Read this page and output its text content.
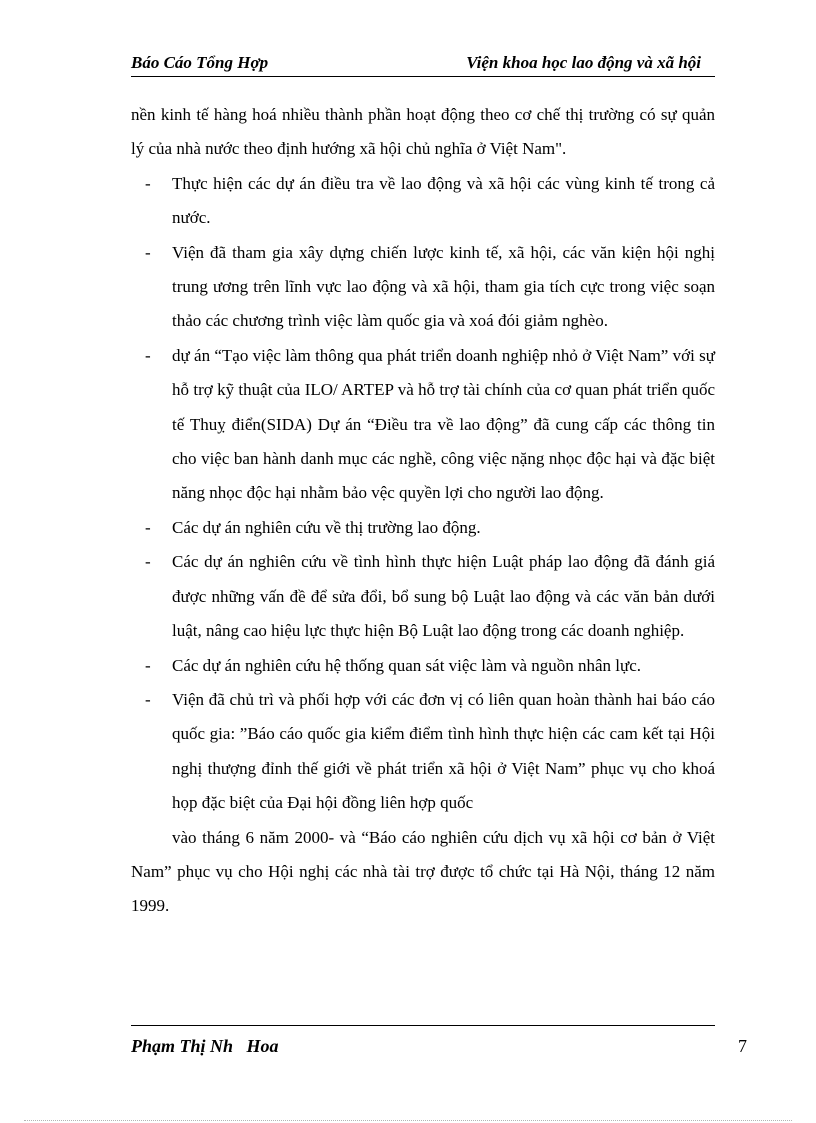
Báo Cáo Tổng Hợp	Viện khoa học lao động và xã hội

nền kinh tế hàng hoá nhiều thành phần hoạt động theo cơ chế thị trường có sự quản lý của nhà nước theo định hướng xã hội chủ nghĩa ở Việt Nam".

- Thực hiện các dự án điều tra về lao động và xã hội các vùng kinh tế trong cả nước.
- Viện đã tham gia xây dựng chiến lược kinh tế, xã hội, các văn kiện hội nghị trung ương trên lĩnh vực lao động và xã hội, tham gia tích cực trong việc soạn thảo các chương trình việc làm quốc gia và xoá đói giảm nghèo.
- dự án “Tạo việc làm thông qua phát triển doanh nghiệp nhỏ ở Việt Nam” với sự hỗ trợ kỹ thuật của ILO/ ARTEP và hỗ trợ tài chính của cơ quan phát triển quốc tế Thuỵ điển(SIDA) Dự án “Điều tra về lao động” đã cung cấp các thông tin cho việc ban hành danh mục các nghề, công việc nặng nhọc độc hại và đặc biệt năng nhọc độc hại nhằm bảo vệc quyền lợi cho người lao động.
- Các dự án nghiên cứu về thị trường lao động.
- Các dự án nghiên cứu về tình hình thực hiện Luật pháp lao động đã đánh giá được những vấn đề để sửa đổi, bổ sung bộ Luật lao động và các văn bản dưới luật, nâng cao hiệu lực thực hiện Bộ Luật lao động trong các doanh nghiệp.
- Các dự án nghiên cứu hệ thống quan sát việc làm và nguồn nhân lực.
- Viện đã chủ trì và phối hợp với các đơn vị có liên quan hoàn thành hai báo cáo quốc gia: ”Báo cáo quốc gia kiểm điểm tình hình thực hiện các cam kết tại Hội nghị thượng đỉnh thế giới về phát triển xã hội ở Việt Nam” phục vụ cho khoá họp đặc biệt của Đại hội đồng liên hợp quốc

vào tháng 6 năm 2000- và “Báo cáo nghiên cứu dịch vụ xã hội cơ bản ở Việt Nam” phục vụ cho Hội nghị các nhà tài trợ được tổ chức tại Hà Nội, tháng 12 năm 1999.

Phạm Thị Nh   Hoa	7
